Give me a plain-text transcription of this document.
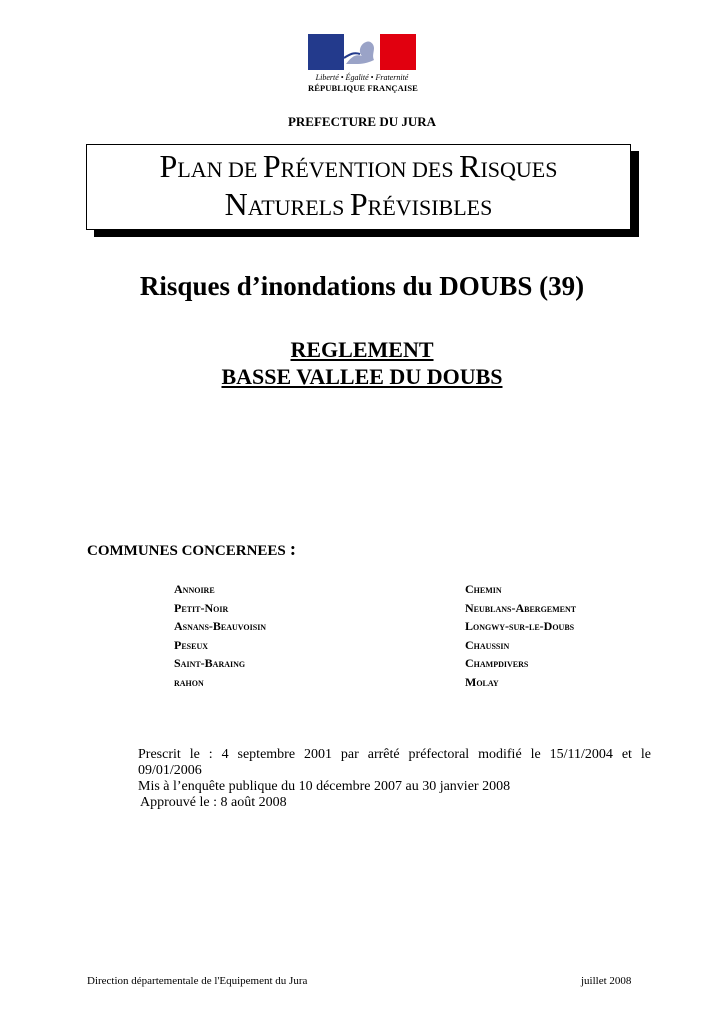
Liberté • Égalité • Fraternité
RÉPUBLIQUE FRANÇAISE
PREFECTURE DU JURA
PLAN DE PRÉVENTION DES RISQUES
NATURELS PRÉVISIBLES
Risques d’inondations du DOUBS (39)
REGLEMENT
BASSE VALLEE DU DOUBS
COMMUNES CONCERNEES :
Annoire
Petit-Noir
Asnans-Beauvoisin
Peseux
Saint-Baraing
rahon
Chemin
Neublans-Abergement
Longwy-sur-le-Doubs
Chaussin
Champdivers
Molay
Prescrit le : 4 septembre 2001 par arrêté préfectoral modifié le 15/11/2004 et le
09/01/2006
Mis à l’enquête publique du 10 décembre 2007 au 30 janvier 2008
Approuvé le : 8 août 2008
Direction départementale de l'Equipement du Jura	juillet 2008
